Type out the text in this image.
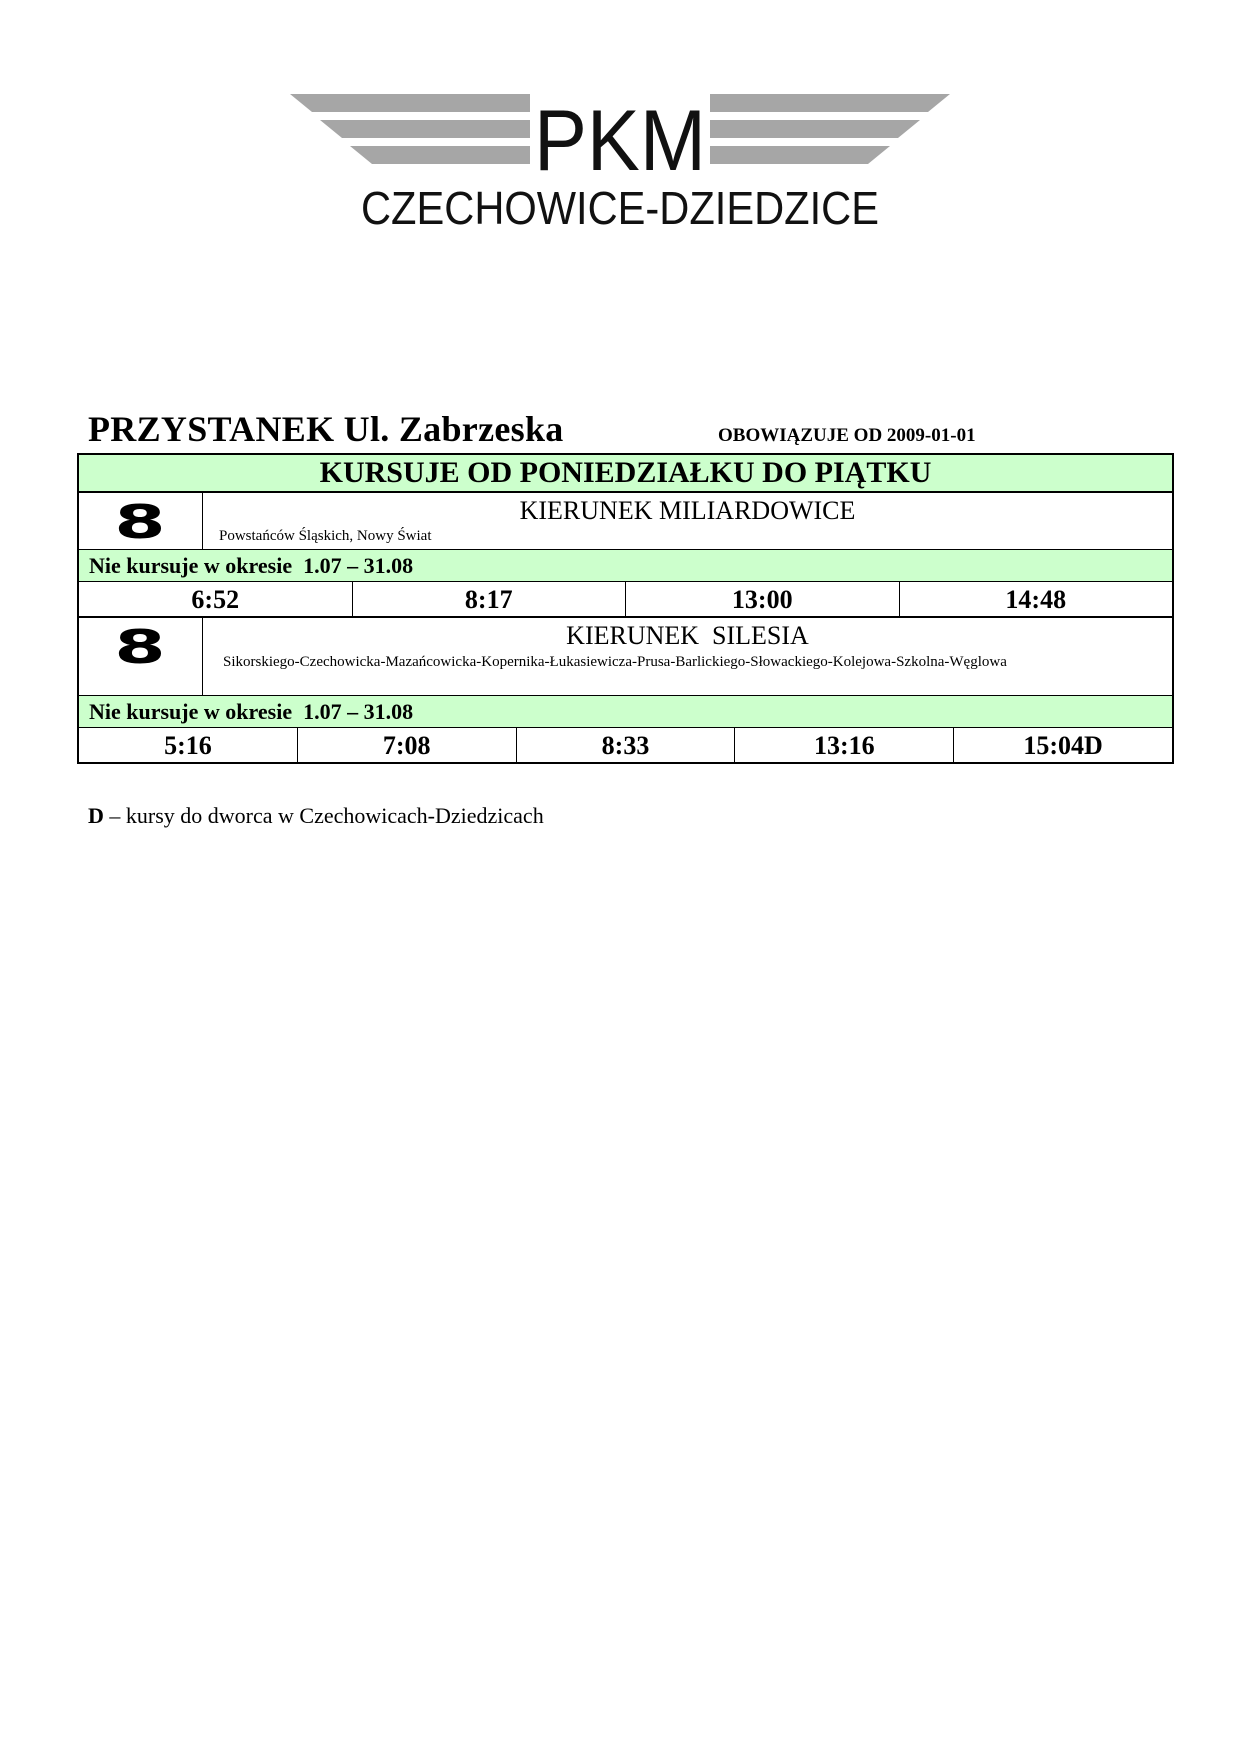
PKM
CZECHOWICE-DZIEDZICE
PRZYSTANEK Ul. Zabrzeska	OBOWIĄZUJE OD 2009-01-01
KURSUJE OD PONIEDZIAŁKU DO PIĄTKU
8	KIERUNEK MILIARDOWICE
Powstańców Śląskich, Nowy Świat
Nie kursuje w okresie  1.07 – 31.08
6:52	8:17	13:00	14:48
8	KIERUNEK  SILESIA
Sikorskiego-Czechowicka-Mazańcowicka-Kopernika-Łukasiewicza-Prusa-Barlickiego-Słowackiego-Kolejowa-Szkolna-Węglowa
Nie kursuje w okresie  1.07 – 31.08
5:16	7:08	8:33	13:16	15:04D
D – kursy do dworca w Czechowicach-Dziedzicach
